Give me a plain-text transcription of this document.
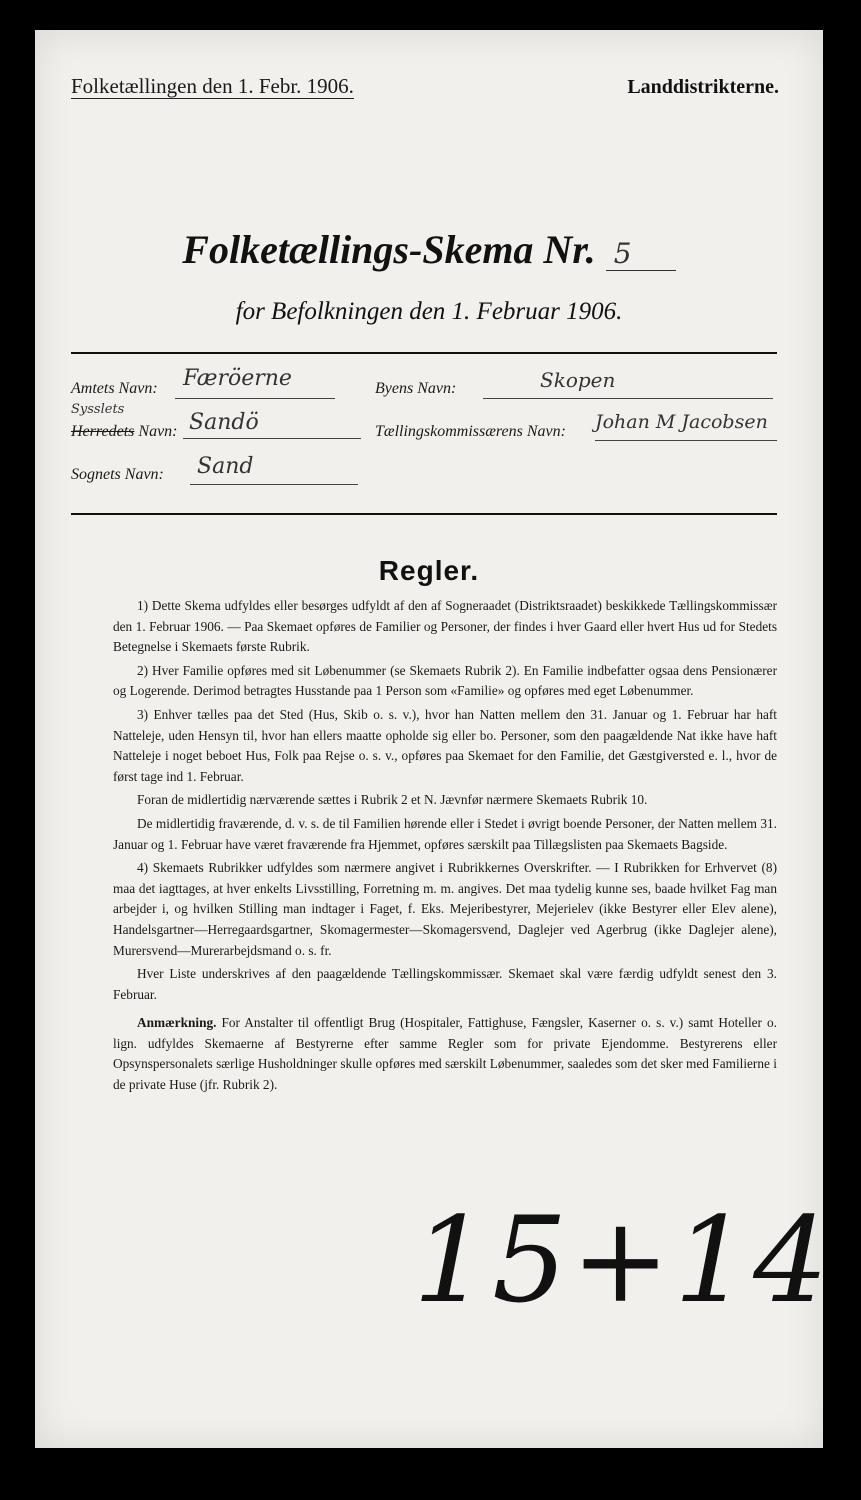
Folketællingen den 1. Febr. 1906.	Landdistrikterne.
Folketællings-Skema Nr. 5
for Befolkningen den 1. Februar 1906.
Amtets Navn: Færöerne	Byens Navn:	Skopen
Sysslets
Herredets Navn: Sandö	Tællingskommissærens Navn: Johan M Jacobsen
Sognets Navn: Sand
Regler.

1) Dette Skema udfyldes eller besørges udfyldt af den af Sogneraadet (Distriktsraadet) beskikkede Tællingskommissær den 1. Februar 1906. — Paa Skemaet opføres de Familier og Personer, der findes i hver Gaard eller hvert Hus ud for Stedets Betegnelse i Skemaets første Rubrik.

2) Hver Familie opføres med sit Løbenummer (se Skemaets Rubrik 2). En Familie indbefatter ogsaa dens Pensionærer og Logerende. Derimod betragtes Husstande paa 1 Person som «Familie» og opføres med eget Løbenummer.

3) Enhver tælles paa det Sted (Hus, Skib o. s. v.), hvor han Natten mellem den 31. Januar og 1. Februar har haft Natteleje, uden Hensyn til, hvor han ellers maatte opholde sig eller bo. Personer, som den paagældende Nat ikke have haft Natteleje i noget beboet Hus, Folk paa Rejse o. s. v., opføres paa Skemaet for den Familie, det Gæstgiversted e. l., hvor de først tage ind 1. Februar.

Foran de midlertidig nærværende sættes i Rubrik 2 et N. Jævnfør nærmere Skemaets Rubrik 10.

De midlertidig fraværende, d. v. s. de til Familien hørende eller i Stedet i øvrigt boende Personer, der Natten mellem 31. Januar og 1. Februar have været fraværende fra Hjemmet, opføres særskilt paa Tillægslisten paa Skemaets Bagside.

4) Skemaets Rubrikker udfyldes som nærmere angivet i Rubrikkernes Overskrifter. — I Rubrikken for Erhvervet (8) maa det iagttages, at hver enkelts Livsstilling, Forretning m. m. angives. Det maa tydelig kunne ses, baade hvilket Fag man arbejder i, og hvilken Stilling man indtager i Faget, f. Eks. Mejeribestyrer, Mejerielev (ikke Bestyrer eller Elev alene), Handelsgartner—Herregaardsgartner, Skomagermester—Skomagersvend, Daglejer ved Agerbrug (ikke Daglejer alene), Murersvend—Murerarbejdsmand o. s. fr.

Hver Liste underskrives af den paagældende Tællingskommissær. Skemaet skal være færdig udfyldt senest den 3. Februar.

Anmærkning. For Anstalter til offentligt Brug (Hospitaler, Fattighuse, Fængsler, Kaserner o. s. v.) samt Hoteller o. lign. udfyldes Skemaerne af Bestyrerne efter samme Regler som for private Ejendomme. Bestyrerens eller Opsynspersonalets særlige Husholdninger skulle opføres med særskilt Løbenummer, saaledes som det sker med Familierne i de private Huse (jfr. Rubrik 2).

15+14
